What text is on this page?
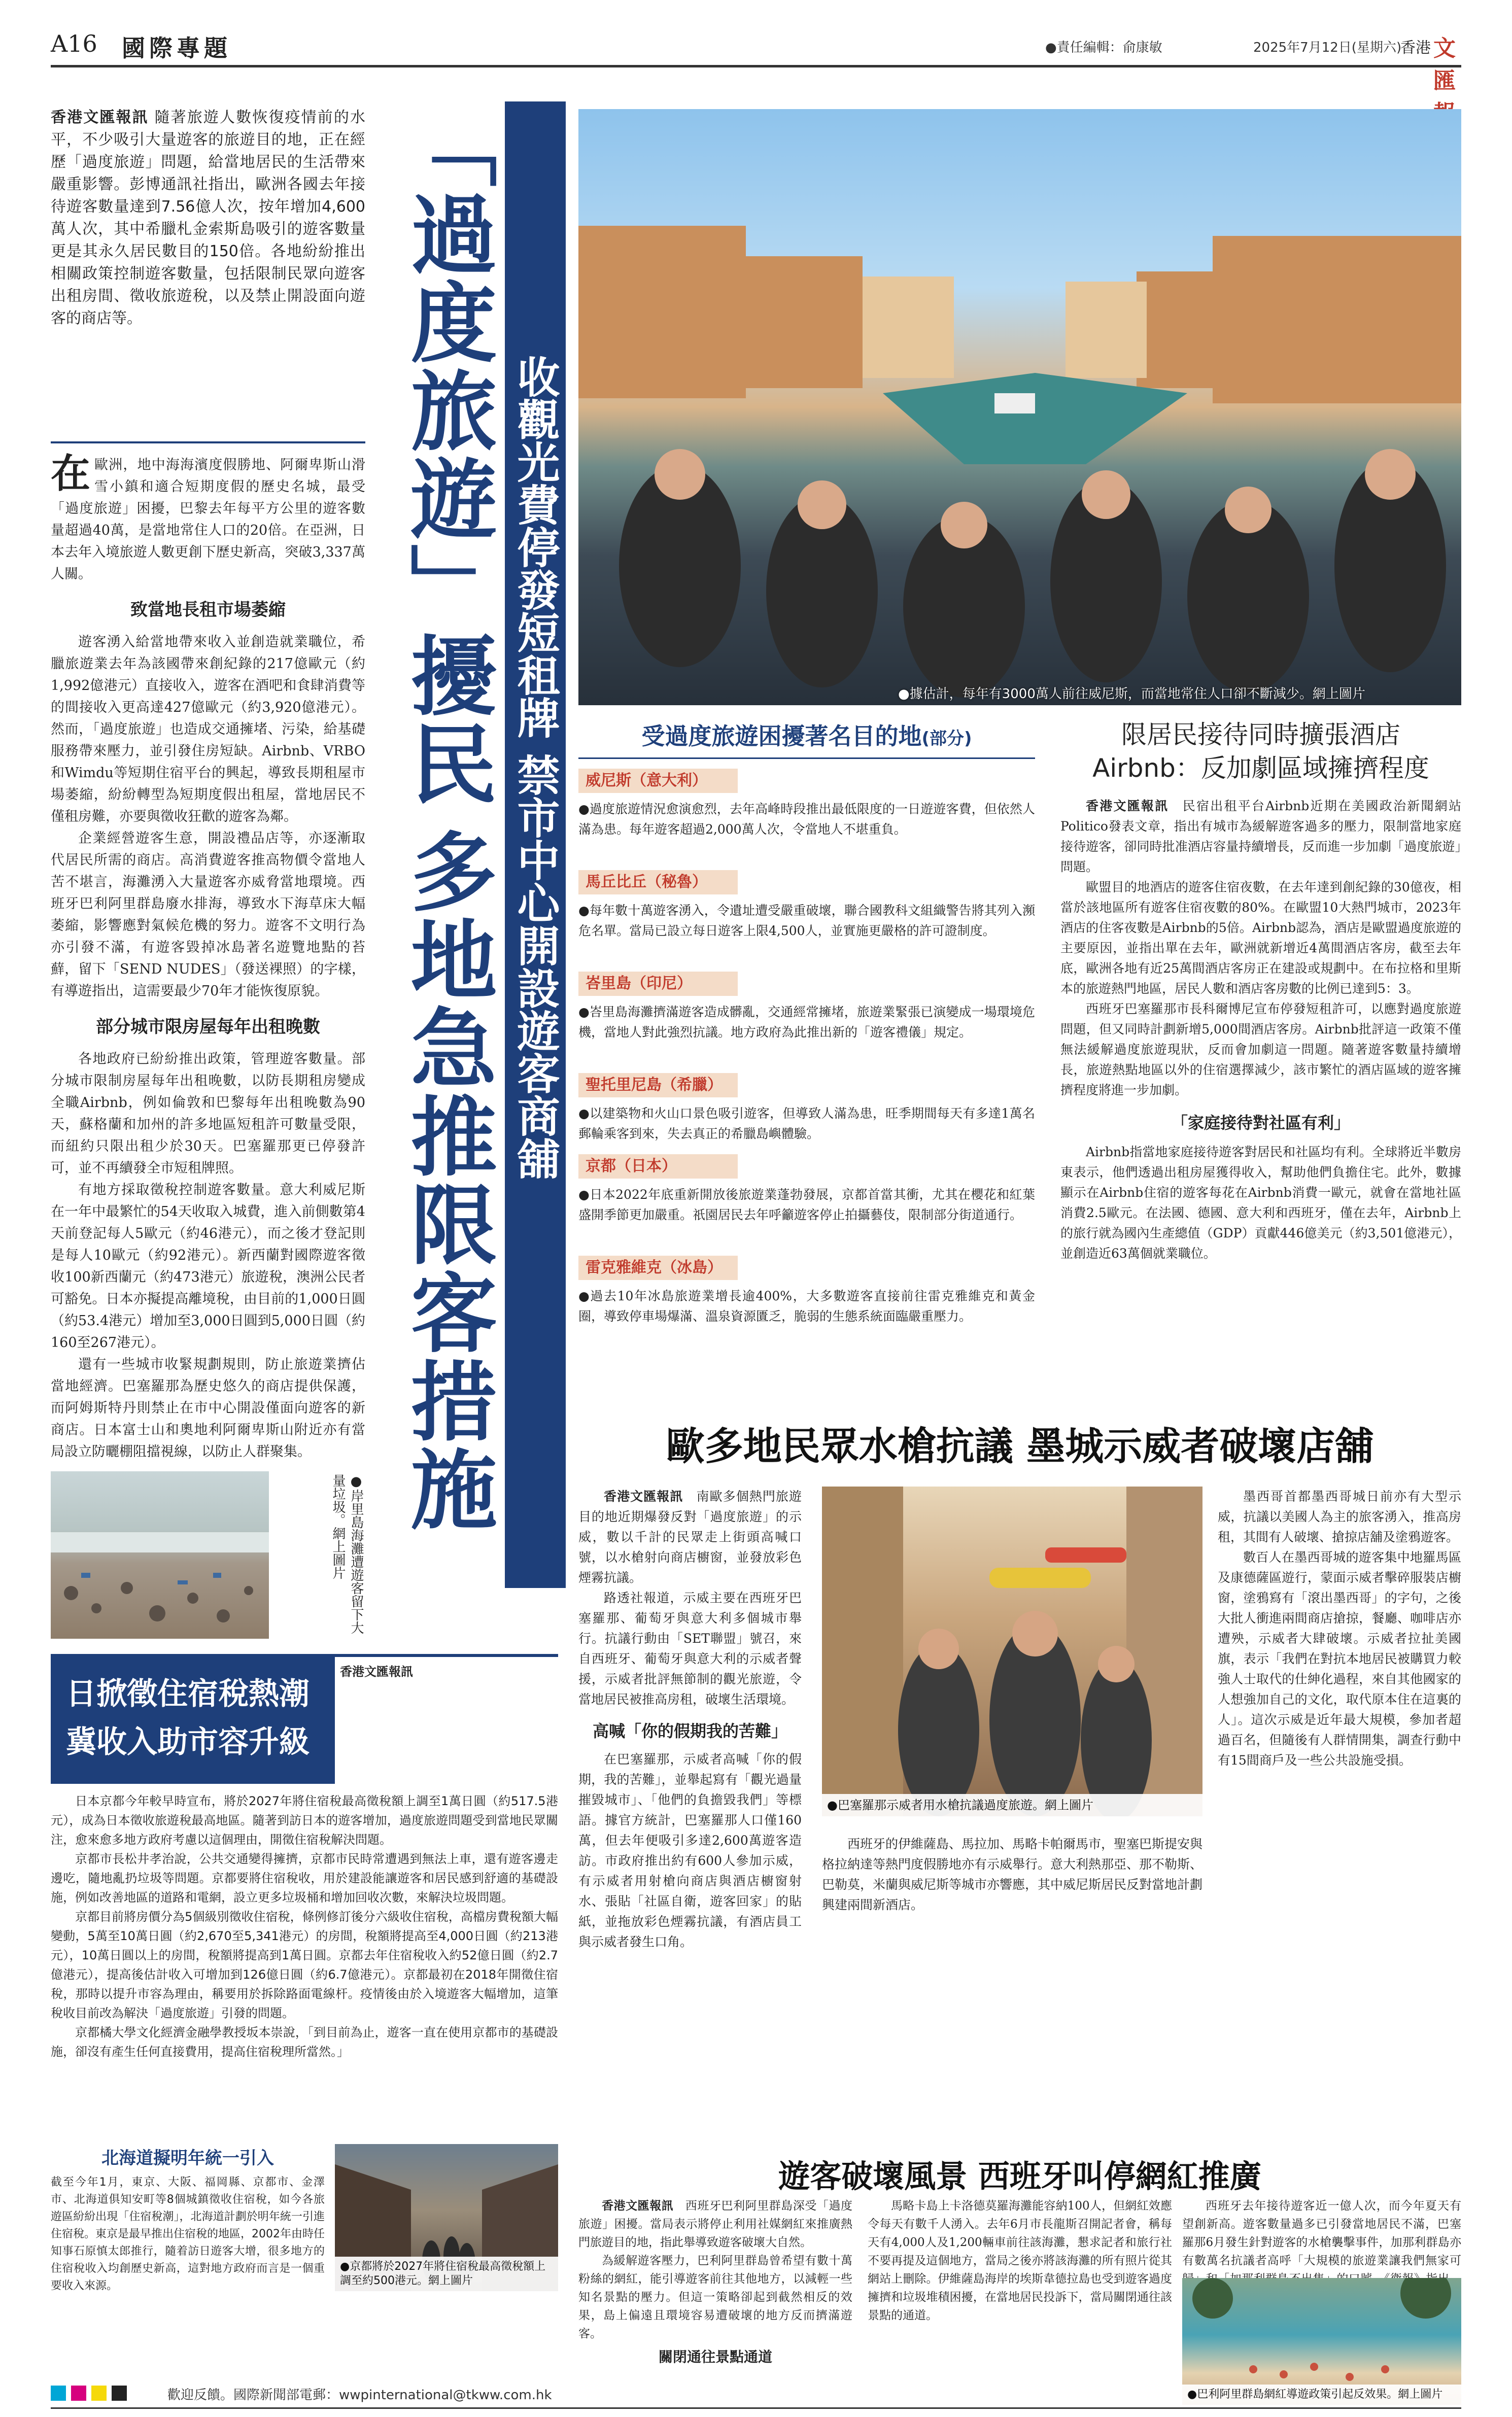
A16 國際專題	●責任編輯：俞康敏	2025年7月12日(星期六)
香港 文匯
香港文匯報訊 隨著旅遊人數恢復疫情前的水平，不少吸引大量遊客的旅遊目的地，正在經歷「過度旅遊」問題，給當地居民的生活帶來嚴重影響。彭博通訊社指出，歐洲各國去年接待遊客數量達到7.56億人次，按年增加4,600萬人次，其中希臘札金索斯島吸引的遊客數量更是其永久居民數目的150倍。各地紛紛推出相關政策控制遊客數量，包括限制民眾向遊客出租房間、徵收旅遊稅，以及禁止開設面向遊客的商店等。
在歐洲，地中海海濱度假勝地、阿爾卑斯山滑雪小鎮和適合短期度假的歷史名城，最受「過度旅遊」困擾，巴黎去年每平方公里的遊客數量超過40萬，是當地常住人口的20倍。在亞洲，日本去年入境旅遊人數更創下歷史新高，突破3,337萬人關。
致當地長租市場萎縮

遊客湧入給當地帶來收入並創造就業職位，希臘旅遊業去年為該國帶來創紀錄的217億歐元（約1,992億港元）直接收入，遊客在酒吧和食肆消費等的間接收入更高達427億歐元（約3,920億港元）。然而，「過度旅遊」也造成交通擁堵、污染，給基礎服務帶來壓力，並引發住房短缺。Airbnb、VRBO和Wimdu等短期住宿平台的興起，導致長期租屋市場萎縮，紛紛轉型為短期度假出租屋，當地居民不僅租房難，亦要與徵收狂歡的遊客為鄰。

企業經營遊客生意，開設禮品店等，亦逐漸取代居民所需的商店。高消費遊客推高物價令當地人苦不堪言，海灘湧入大量遊客亦威脅當地環境。西班牙巴利阿里群島廢水排海，導致水下海草床大幅萎縮，影響應對氣候危機的努力。遊客不文明行為亦引發不滿，有遊客毀掉冰島著名遊覽地點的苔蘚，留下「SEND NUDES」（發送裸照）的字樣，有導遊指出，這需要最少70年才能恢復原貌。

部分城市限房屋每年出租晚數

各地政府已紛紛推出政策，管理遊客數量。部分城市限制房屋每年出租晚數，以防長期租房變成全職Airbnb，例如倫敦和巴黎每年出租晚數為90天，蘇格蘭和加州的許多地區短租許可數量受限，而紐約只限出租少於30天。巴塞羅那更已停發許可，並不再續發全市短租牌照。

有地方採取徵稅控制遊客數量。意大利威尼斯在一年中最繁忙的54天收取入城費，進入前側數第4天前登記每人5歐元（約46港元），而之後才登記則是每人10歐元（約92港元）。新西蘭對國際遊客徵收100新西蘭元（約473港元）旅遊稅，澳洲公民者可豁免。日本亦擬提高離境稅，由目前的1,000日圓（約53.4港元）增加至3,000日圓到5,000日圓（約160至267港元）。

還有一些城市收緊規劃規則，防止旅遊業擠佔當地經濟。巴塞羅那為歷史悠久的商店提供保護，而阿姆斯特丹則禁止在市中心開設僅面向遊客的新商店。日本富士山和奧地利阿爾卑斯山附近亦有當局設立防曬棚阻擋視線，以防止人群聚集。

●岸里島海灘遭遊客留下大量垃圾。網上圖片
「過度旅遊」擾民 收觀光費停發短租牌 禁市中心開設遊客商舖
多地急推限客措施
●據估計，每年有3000萬人前往威尼斯，而當地常住人口卻不斷減少。網上圖片
受過度旅遊困擾著名目的地(部分)
威尼斯（意大利）
●過度旅遊情況愈演愈烈，去年高峰時段推出最低限度的一日遊遊客費，但依然人滿為患。每年遊客超過2,000萬人次，令當地人不堪重負。
馬丘比丘（秘魯）
●每年數十萬遊客湧入，令遺址遭受嚴重破壞，聯合國教科文組織警告將其列入瀕危名單。當局已設立每日遊客上限4,500人，並實施更嚴格的許可證制度。
峇里島（印尼）
●峇里島海灘擠滿遊客造成髒亂，交通經常擁堵，旅遊業緊張已演變成一場環境危機，當地人對此強烈抗議。地方政府為此推出新的「遊客禮儀」規定。
聖托里尼島（希臘）
●以建築物和火山口景色吸引遊客，但導致人滿為患，旺季期間每天有多達1萬名郵輪乘客到來，失去真正的希臘島嶼體驗。
京都（日本）
●日本2022年底重新開放後旅遊業蓬勃發展，京都首當其衝，尤其在櫻花和紅葉盛開季節更加嚴重。祇園居民去年呼籲遊客停止拍攝藝伎，限制部分街道通行。
雷克雅維克（冰島）
●過去10年冰島旅遊業增長逾400%，大多數遊客直接前往雷克雅維克和黃金圈，導致停車場爆滿、溫泉資源匱乏，脆弱的生態系統面臨嚴重壓力。
限居民接待同時擴張酒店
Airbnb：反加劇區域擁擠程度

香港文匯報訊　 民宿出租平台Airbnb近期在美國政治新聞網站Politico發表文章，指出有城市為緩解遊客過多的壓力，限制當地家庭接待遊客，卻同時批准酒店容量持續增長，反而進一步加劇「過度旅遊」問題。

歐盟目的地酒店的遊客住宿夜數，在去年達到創紀錄的30億夜，相當於該地區所有遊客住宿夜數的80%。在歐盟10大熱門城市，2023年酒店的住客夜數是Airbnb的5倍。Airbnb認為，酒店是歐盟過度旅遊的主要原因，並指出單在去年，歐洲就新增近4萬間酒店客房，截至去年底，歐洲各地有近25萬間酒店客房正在建設或規劃中。在布拉格和里斯本的旅遊熱門地區，居民人數和酒店客房數的比例已達到5：3。

西班牙巴塞羅那市長科爾博尼宣布停發短租許可，以應對過度旅遊問題，但又同時計劃新增5,000間酒店客房。Airbnb批評這一政策不僅無法緩解過度旅遊現狀，反而會加劇這一問題。隨著遊客數量持續增長，旅遊熱點地區以外的住宿選擇減少，該市繁忙的酒店區域的遊客擁擠程度將進一步加劇。

「家庭接待對社區有利」

Airbnb指當地家庭接待遊客對居民和社區均有利。全球將近半數房東表示，他們透過出租房屋獲得收入，幫助他們負擔住宅。此外，數據顯示在Airbnb住宿的遊客每花在Airbnb消費一歐元，就會在當地社區消費2.5歐元。在法國、德國、意大利和西班牙，僅在去年，Airbnb上的旅行就為國內生產總值（GDP）貢獻446億美元（約3,501億港元），並創造近63萬個就業職位。

歐多地民眾水槍抗議 墨城示威者破壞店舖

香港文匯報訊　 南歐多個熱門旅遊目的地近期爆發反對「過度旅遊」的示威，數以千計的民眾走上街頭高喊口號，以水槍射向商店櫥窗，並發放彩色煙霧抗議。

路透社報道，示威主要在西班牙巴塞羅那、葡萄牙與意大利多個城市舉行。抗議行動由「SET聯盟」號召，來自西班牙、葡萄牙與意大利的示威者聲援，示威者批評無節制的觀光旅遊，令當地居民被推高房租，破壞生活環境。

高喊「你的假期我的苦難」

在巴塞羅那，示威者高喊「你的假期，我的苦難」，並舉起寫有「觀光過量摧毀城市」、「他們的負擔毀我們」等標語。據官方統計，巴塞羅那人口僅160萬，但去年便吸引多達2,600萬遊客造訪。市政府推出約有600人參加示威，有示威者用射槍向商店與酒店櫥窗射水、張貼「社區自衛，遊客回家」的貼紙，並拖放彩色煙霧抗議，有酒店員工與示威者發生口角。

●巴塞羅那示威者用水槍抗議過度旅遊。網上圖片

西班牙的伊維薩島、馬拉加、馬略卡帕爾馬市，聖塞巴斯提安與格拉納達等熱門度假勝地亦有示威舉行。意大利熱那亞、那不勒斯、巴勒莫，米蘭與威尼斯等城市亦響應，其中威尼斯居民反對當地計劃興建兩間新酒店。

墨西哥首都墨西哥城日前亦有大型示威，抗議以美國人為主的旅客湧入，推高房租，其間有人破壞、搶掠店舖及塗鴉遊客。

數百人在墨西哥城的遊客集中地羅馬區及康德薩區遊行，蒙面示威者擊碎服裝店櫥窗，塗鴉寫有「滾出墨西哥」的字句，之後大批人衝進兩間商店搶掠，餐廳、咖啡店亦遭殃，示威者大肆破壞。示威者拉扯美國旗，表示「我們在對抗本地居民被購買力較強人士取代的仕紳化過程，來自其他國家的人想強加自己的文化，取代原本住在這裏的人」。這次示威是近年最大規模，參加者超過百名，但隨後有人群情開集，調查行動中有15間商戶及一些公共設施受損。

日掀徵住宿稅熱潮
冀收入助市容升級
香港文匯報訊

日本京都今年較早時宣布，將於2027年將住宿稅最高徵稅額上調至1萬日圓（約517.5港元），成為日本徵收旅遊稅最高地區。隨著到訪日本的遊客增加，過度旅遊問題受到當地民眾關注，愈來愈多地方政府考慮以這個理由，開徵住宿稅解決問題。

京都市長松井孝治說，公共交通變得擁擠，京都市民時常遭遇到無法上車，還有遊客邊走邊吃，隨地亂扔垃圾等問題。京都要將住宿稅收，用於建設能讓遊客和居民感到舒適的基礎設施，例如改善地區的道路和電網，設立更多垃圾桶和增加回收次數，來解決垃圾問題。

京都目前將房價分為5個級別徵收住宿稅，條例修訂後分六級收住宿稅，高檔房費稅額大幅變動，5萬至10萬日圓（約2,670至5,341港元）的房間，稅額將提高至4,000日圓（約213港元），10萬日圓以上的房間，稅額將提高到1萬日圓。京都去年住宿稅收入約52億日圓（約2.7億港元），提高後估計收入可增加到126億日圓（約6.7億港元）。京都最初在2018年開徵住宿稅，那時以提升市容為理由，稱要用於拆除路面電線杆。疫情後由於入境遊客大幅增加，這筆稅收目前改為解決「過度旅遊」引發的問題。

京都橘大學文化經濟金融學教授坂本崇說，「到目前為止，遊客一直在使用京都市的基礎設施，卻沒有產生任何直接費用，提高住宿稅理所當然。」

北海道擬明年統一引入
截至今年1月，東京、大阪、福岡縣、京都市、金澤市、北海道俱知安町等8個城鎮徵收住宿稅，如今各旅遊區紛紛出現「住宿稅潮」，北海道計劃於明年統一引進住宿稅。東京是最早推出住宿稅的地區，2002年由時任知事石原慎太郎推行，隨着訪日遊客大增，很多地方的住宿稅收入均創歷史新高，這對地方政府而言是一個重要收入來源。
●京都將於2027年將住宿稅最高徵稅額上調至約500港元。網上圖片
遊客破壞風景 西班牙叫停網紅推廣

香港文匯報訊　 西班牙巴利阿里群島深受「過度旅遊」困擾。當局表示將停止利用社媒網紅來推廣熱門旅遊目的地，指此舉導致遊客破壞大自然。

為緩解遊客壓力，巴利阿里群島曾希望有數十萬粉絲的網紅，能引導遊客前往其他地方，以減輕一些知名景點的壓力。但這一策略卻起到截然相反的效果，島上偏遠且環境容易遭破壞的地方反而擠滿遊客。

關閉通往景點通道

馬略卡島上卡洛德莫羅海灘能容納100人，但網紅效應令每天有數千人湧入。去年6月市長龍斯召開記者會，稱每天有4,000人及1,200輛車前往該海灘，懇求記者和旅行社不要再提及這個地方，當局之後亦將該海灘的所有照片從其網站上刪除。伊維薩島海岸的埃斯韋德拉島也受到遊客過度擁擠和垃圾堆積困擾，在當地居民投訴下，當局關閉通往該景點的通道。

西班牙去年接待遊客近一億人次，而今年夏天有望創新高。遊客數量過多已引發當地居民不滿，巴塞羅那6月發生針對遊客的水槍襲擊事件，加那利群島亦有數萬名抗議者高呼「大規模的旅遊業讓我們無家可

●巴利阿里群島網紅導遊政策引起反效果。網上圖片
歡迎反饋。國際新聞部電郵：wwpinternational@tkww.com.hk
